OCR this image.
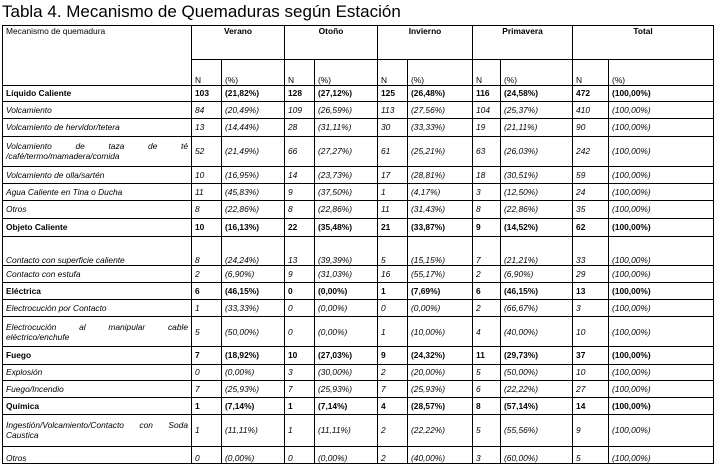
Tabla 4. Mecanismo de Quemaduras según Estación
Mecanismo de quemadura	Verano		Otoño		Invierno		Primavera		Total	
	N	(%)	N	(%)	N	(%)	N	(%)	N	(%)
Líquido Caliente	103	(21,82%)	128	(27,12%)	125	(26,48%)	116	(24,58%)	472	(100,00%)
Volcamiento	84	(20,49%)	109	(26,59%)	113	(27,56%)	104	(25,37%)	410	(100,00%)
Volcamiento de hervidor/tetera	13	(14,44%)	28	(31,11%)	30	(33,33%)	19	(21,11%)	90	(100,00%)
Volcamiento de taza de té /café/termo/mamadera/comida	52	(21,49%)	66	(27,27%)	61	(25,21%)	63	(26,03%)	242	(100,00%)
Volcamiento de olla/sartén	10	(16,95%)	14	(23,73%)	17	(28,81%)	18	(30,51%)	59	(100,00%)
Agua Caliente en Tina o Ducha	11	(45,83%)	9	(37,50%)	1	(4,17%)	3	(12,50%)	24	(100,00%)
Otros	8	(22,86%)	8	(22,86%)	11	(31,43%)	8	(22,86%)	35	(100,00%)
Objeto Caliente	10	(16,13%)	22	(35,48%)	21	(33,87%)	9	(14,52%)	62	(100,00%)
Contacto con superficie caliente	8	(24,24%)	13	(39,39%)	5	(15,15%)	7	(21,21%)	33	(100,00%)
Contacto con estufa	2	(6,90%)	9	(31,03%)	16	(55,17%)	2	(6,90%)	29	(100,00%)
Eléctrica	6	(46,15%)	0	(0,00%)	1	(7,69%)	6	(46,15%)	13	(100,00%)
Electrocución por Contacto	1	(33,33%)	0	(0,00%)	0	(0,00%)	2	(66,67%)	3	(100,00%)
Electrocución al manipular cable eléctrico/enchufe	5	(50,00%)	0	(0,00%)	1	(10,00%)	4	(40,00%)	10	(100,00%)
Fuego	7	(18,92%)	10	(27,03%)	9	(24,32%)	11	(29,73%)	37	(100,00%)
Explosión	0	(0,00%)	3	(30,00%)	2	(20,00%)	5	(50,00%)	10	(100,00%)
Fuego/Incendio	7	(25,93%)	7	(25,93%)	7	(25,93%)	6	(22,22%)	27	(100,00%)
Química	1	(7,14%)	1	(7,14%)	4	(28,57%)	8	(57,14%)	14	(100,00%)
Ingestión/Volcamiento/Contacto con Soda Caustica	1	(11,11%)	1	(11,11%)	2	(22,22%)	5	(55,56%)	9	(100,00%)
Otros	0	(0,00%)	0	(0,00%)	2	(40,00%)	3	(60,00%)	5	(100,00%)
